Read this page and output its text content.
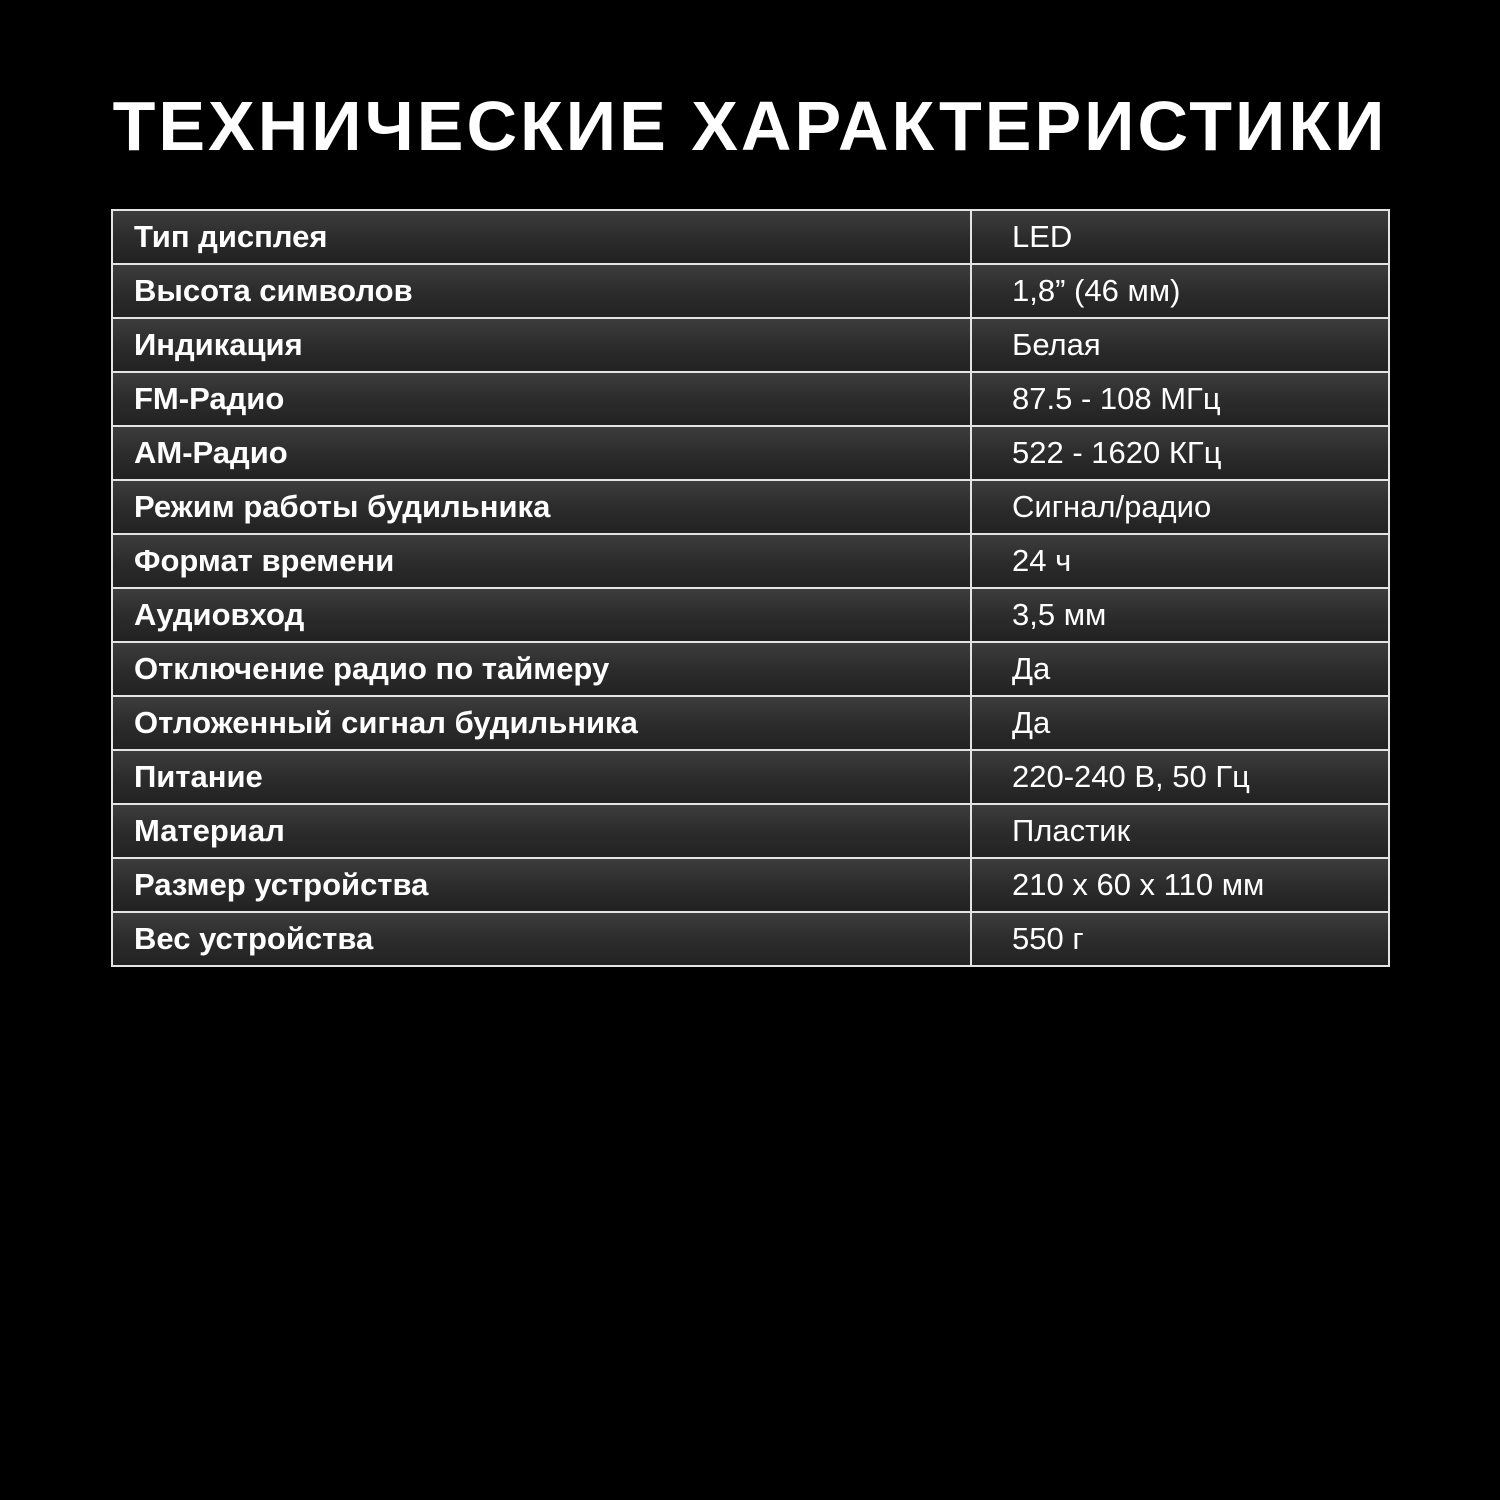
ТЕХНИЧЕСКИЕ ХАРАКТЕРИСТИКИ
Тип дисплея	LED
Высота символов	1,8” (46 мм)
Индикация	Белая
FM-Радио	87.5 - 108 МГц
АМ-Радио	522 - 1620 КГц
Режим работы будильника	Сигнал/радио
Формат времени	24 ч
Аудиовход	3,5 мм
Отключение радио по таймеру	Да
Отложенный сигнал будильника	Да
Питание	220-240 В, 50 Гц
Материал	Пластик
Размер устройства	210 x 60 x 110 мм
Вес устройства	550 г
